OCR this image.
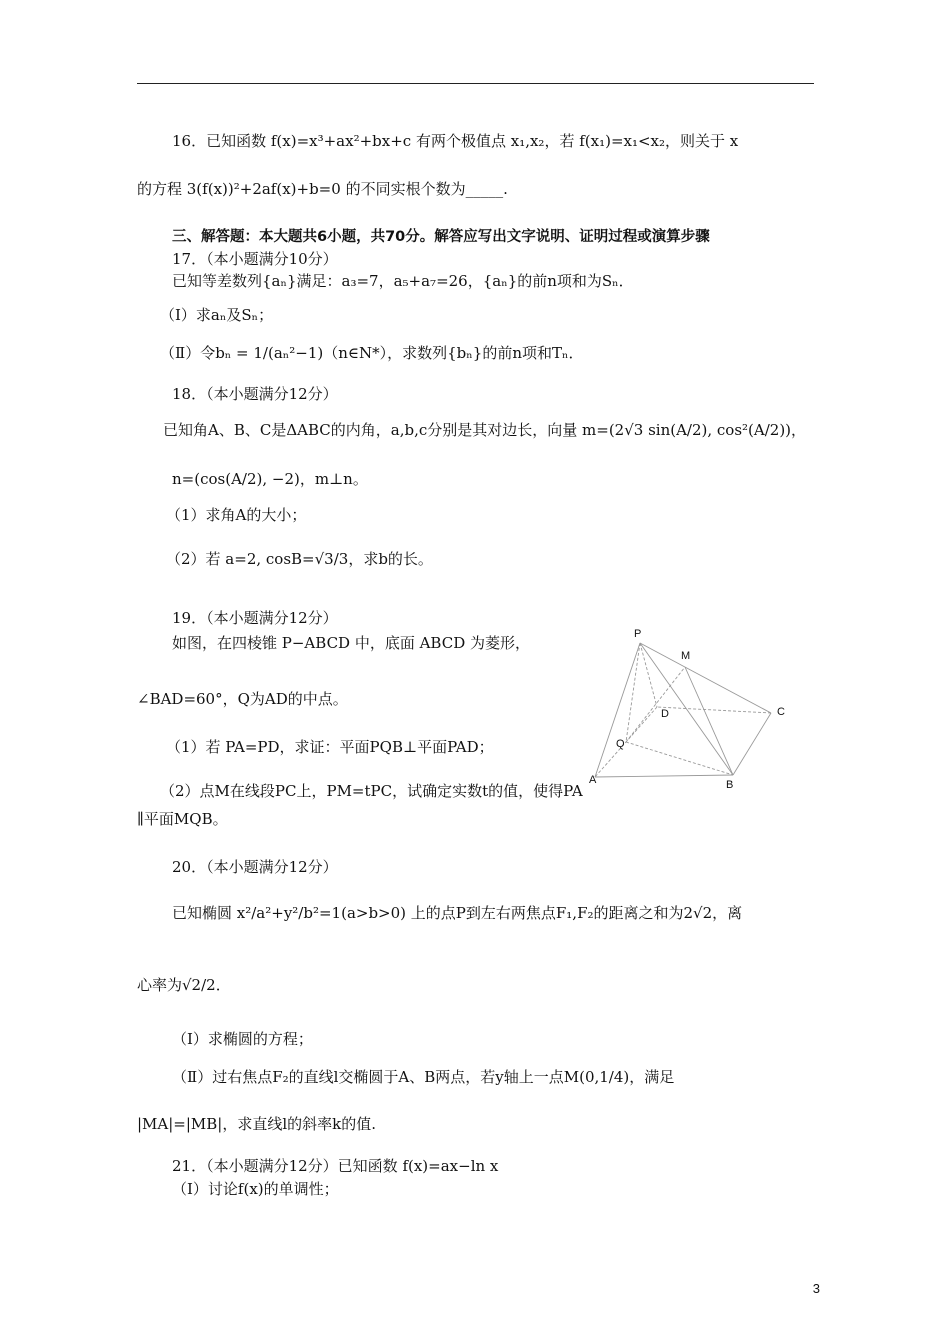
16．已知函数 f(x)=x³+ax²+bx+c 有两个极值点 x₁,x₂，若 f(x₁)=x₁<x₂，则关于 x
的方程 3(f(x))²+2af(x)+b=0 的不同实根个数为_____.
三、解答题：本大题共6小题，共70分。解答应写出文字说明、证明过程或演算步骤
17．（本小题满分10分）
已知等差数列{aₙ}满足：a₃=7，a₅+a₇=26，{aₙ}的前n项和为Sₙ．
（Ⅰ）求aₙ及Sₙ；
（Ⅱ）令bₙ = 1/(aₙ²−1)（n∈N*），求数列{bₙ}的前n项和Tₙ．
18．（本小题满分12分）
已知角A、B、C是ΔABC的内角，a,b,c分别是其对边长，向量 m=(2√3 sin(A/2), cos²(A/2))，
n=(cos(A/2), −2)，m⊥n。
（1）求角A的大小；
（2）若 a=2, cosB=√3/3，求b的长。
19．（本小题满分12分）
如图，在四棱锥 P−ABCD 中，底面 ABCD 为菱形，
∠BAD=60°，Q为AD的中点。
（1）若 PA=PD，求证：平面PQB⊥平面PAD；
（2）点M在线段PC上，PM=tPC，试确定实数t的值，使得PA
∥平面MQB。
P
M
D	C
Q
A	B
20．（本小题满分12分）
已知椭圆 x²/a²+y²/b²=1(a>b>0) 上的点P到左右两焦点F₁,F₂的距离之和为2√2，离
心率为√2/2．
（Ⅰ）求椭圆的方程；
（Ⅱ）过右焦点F₂的直线l交椭圆于A、B两点，若y轴上一点M(0,1/4)，满足
|MA|=|MB|，求直线l的斜率k的值.
21．（本小题满分12分）已知函数 f(x)=ax−ln x
（Ⅰ）讨论f(x)的单调性；
3
